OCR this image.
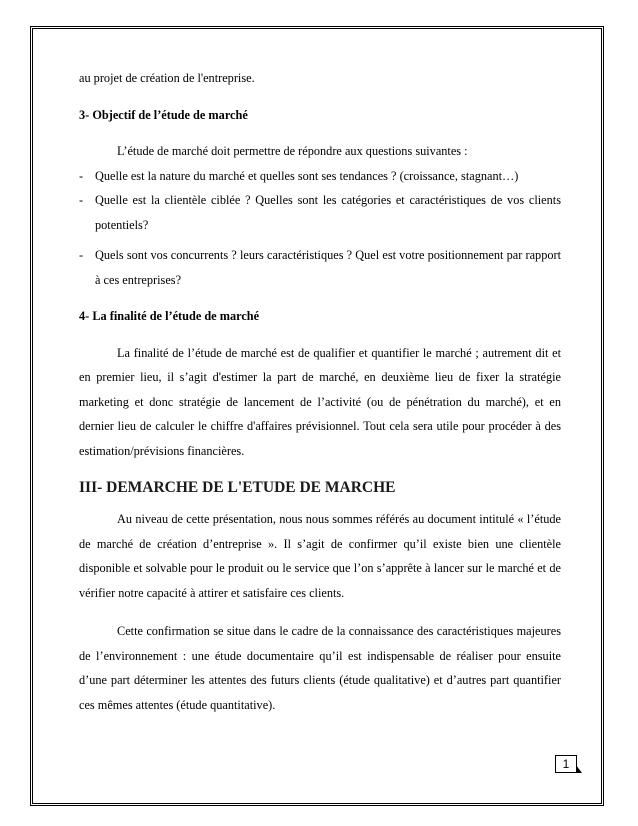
au projet de création de l'entreprise.

3- Objectif de l’étude de marché

L’étude de marché doit permettre de répondre aux questions suivantes :

- Quelle est la nature du marché et quelles sont ses tendances ? (croissance, stagnant…)
- Quelle est la clientèle ciblée ? Quelles sont les catégories et caractéristiques de vos clients potentiels?
- Quels sont vos concurrents ? leurs caractéristiques ? Quel est votre positionnement par rapport à ces entreprises?

4- La finalité de l’étude de marché

La finalité de l’étude de marché est de qualifier et quantifier le marché ; autrement dit et en premier lieu, il s’agit d'estimer la part de marché, en deuxième lieu de fixer la stratégie marketing et donc stratégie de lancement de l’activité (ou de pénétration du marché), et en dernier lieu de calculer le chiffre d'affaires prévisionnel. Tout cela sera utile pour procéder à des estimation/prévisions financières.

III- DEMARCHE DE L'ETUDE DE MARCHE

Au niveau de cette présentation, nous nous sommes référés au document intitulé « l’étude de marché de création d’entreprise ». Il s’agit de confirmer qu’il existe bien une clientèle disponible et solvable pour le produit ou le service que l’on s’apprête à lancer sur le marché et de vérifier notre capacité à attirer et satisfaire ces clients.

Cette confirmation se situe dans le cadre de la connaissance des caractéristiques majeures de l’environnement : une étude documentaire qu’il est indispensable de réaliser pour ensuite d’une part déterminer les attentes des futurs clients (étude qualitative) et d’autres part quantifier ces mêmes attentes (étude quantitative).

1
